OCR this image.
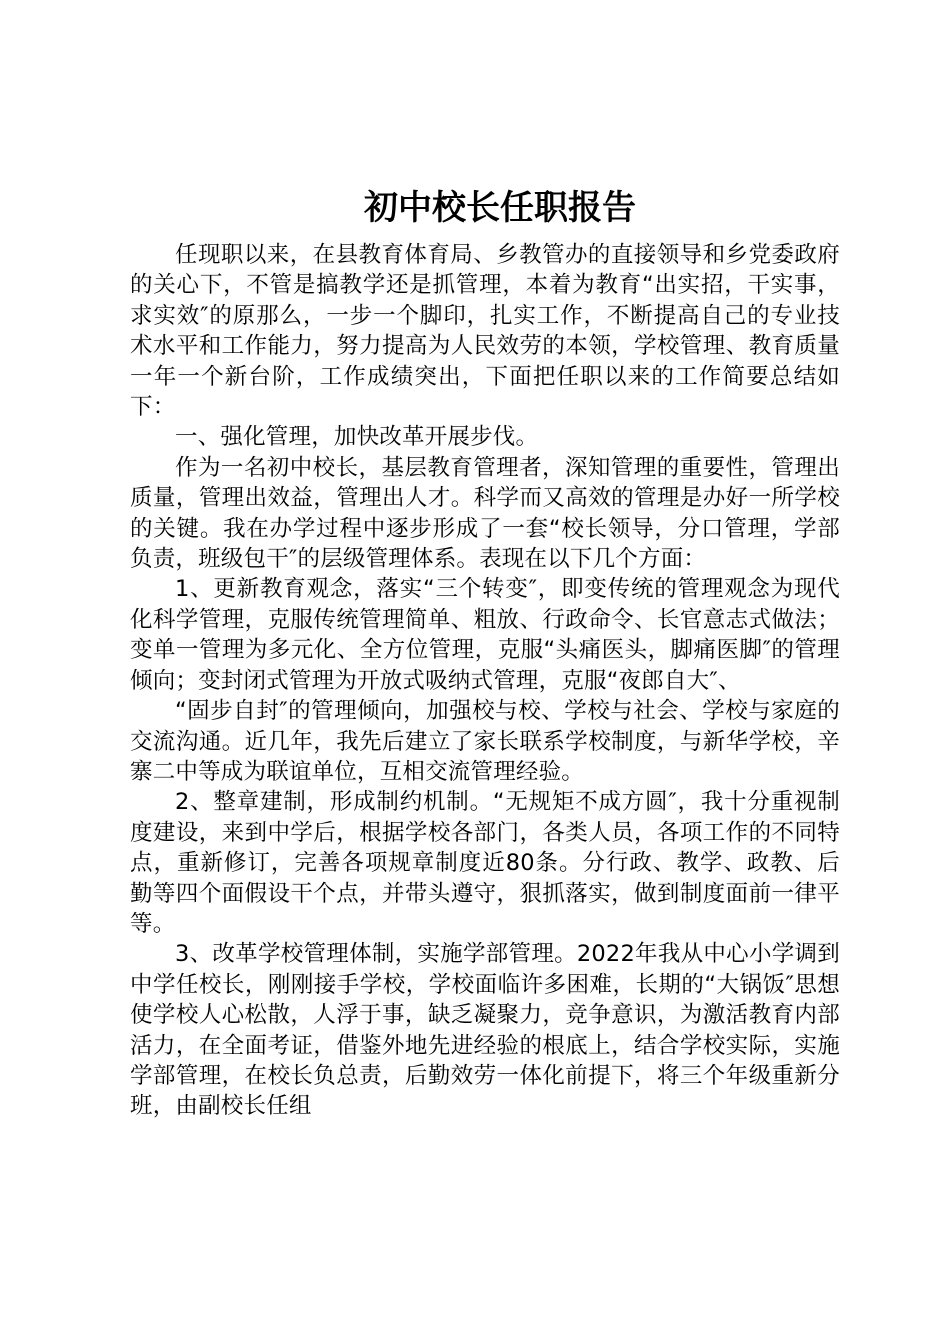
初中校长任职报告

任现职以来，在县教育体育局、乡教管办的直接领导和乡党委政府的关心下，不管是搞教学还是抓管理，本着为教育“出实招，干实事，求实效″的原那么，一步一个脚印，扎实工作，不断提高自己的专业技术水平和工作能力，努力提高为人民效劳的本领，学校管理、教育质量一年一个新台阶，工作成绩突出，下面把任职以来的工作简要总结如下：

一、强化管理，加快改革开展步伐。

作为一名初中校长，基层教育管理者，深知管理的重要性，管理出质量，管理出效益，管理出人才。科学而又高效的管理是办好一所学校的关键。我在办学过程中逐步形成了一套“校长领导，分口管理，学部负责，班级包干″的层级管理体系。表现在以下几个方面：

1、更新教育观念，落实“三个转变″，即变传统的管理观念为现代化科学管理，克服传统管理简单、粗放、行政命令、长官意志式做法；变单一管理为多元化、全方位管理，克服“头痛医头，脚痛医脚″的管理倾向；变封闭式管理为开放式吸纳式管理，克服“夜郎自大″、

“固步自封″的管理倾向，加强校与校、学校与社会、学校与家庭的交流沟通。近几年，我先后建立了家长联系学校制度，与新华学校，辛寨二中等成为联谊单位，互相交流管理经验。

2、整章建制，形成制约机制。“无规矩不成方圆″，我十分重视制度建设，来到中学后，根据学校各部门，各类人员，各项工作的不同特点，重新修订，完善各项规章制度近80条。分行政、教学、政教、后勤等四个面假设干个点，并带头遵守，狠抓落实，做到制度面前一律平等。

3、改革学校管理体制，实施学部管理。2022年我从中心小学调到中学任校长，刚刚接手学校，学校面临许多困难，长期的“大锅饭″思想使学校人心松散，人浮于事，缺乏凝聚力，竞争意识，为激活教育内部活力，在全面考证，借鉴外地先进经验的根底上，结合学校实际，实施学部管理，在校长负总责，后勤效劳一体化前提下，将三个年级重新分班，由副校长任组
